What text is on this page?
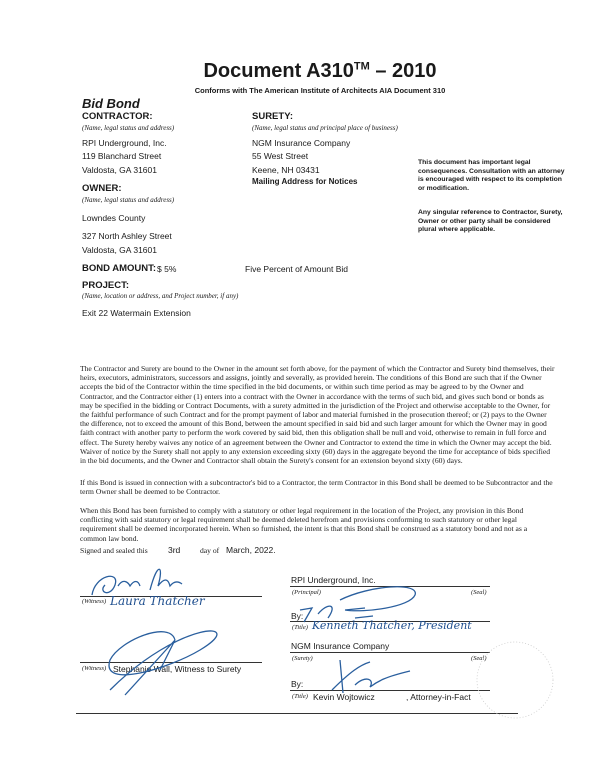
Document A310™ – 2010
Conforms with The American Institute of Architects AIA Document 310
Bid Bond
CONTRACTOR:
(Name, legal status and address)
RPI Underground, Inc.
119 Blanchard Street
Valdosta, GA 31601
SURETY:
(Name, legal status and principal place of business)
NGM Insurance Company
55 West Street
Keene, NH 03431
Mailing Address for Notices
This document has important legal consequences. Consultation with an attorney is encouraged with respect to its completion or modification.
Any singular reference to Contractor, Surety, Owner or other party shall be considered plural where applicable.
OWNER:
(Name, legal status and address)
Lowndes County
327 North Ashley Street
Valdosta, GA 31601
BOND AMOUNT: $ 5%	Five Percent of Amount Bid
PROJECT:
(Name, location or address, and Project number, if any)
Exit 22 Watermain Extension
The Contractor and Surety are bound to the Owner in the amount set forth above, for the payment of which the Contractor and Surety bind themselves, their heirs, executors, administrators, successors and assigns, jointly and severally, as provided herein. The conditions of this Bond are such that if the Owner accepts the bid of the Contractor within the time specified in the bid documents, or within such time period as may be agreed to by the Owner and Contractor, and the Contractor either (1) enters into a contract with the Owner in accordance with the terms of such bid, and gives such bond or bonds as may be specified in the bidding or Contract Documents, with a surety admitted in the jurisdiction of the Project and otherwise acceptable to the Owner, for the faithful performance of such Contract and for the prompt payment of labor and material furnished in the prosecution thereof; or (2) pays to the Owner the difference, not to exceed the amount of this Bond, between the amount specified in said bid and such larger amount for which the Owner may in good faith contract with another party to perform the work covered by said bid, then this obligation shall be null and void, otherwise to remain in full force and effect. The Surety hereby waives any notice of an agreement between the Owner and Contractor to extend the time in which the Owner may accept the bid. Waiver of notice by the Surety shall not apply to any extension exceeding sixty (60) days in the aggregate beyond the time for acceptance of bids specified in the bid documents, and the Owner and Contractor shall obtain the Surety's consent for an extension beyond sixty (60) days.
If this Bond is issued in connection with a subcontractor's bid to a Contractor, the term Contractor in this Bond shall be deemed to be Subcontractor and the term Owner shall be deemed to be Contractor.
When this Bond has been furnished to comply with a statutory or other legal requirement in the location of the Project, any provision in this Bond conflicting with said statutory or legal requirement shall be deemed deleted herefrom and provisions conforming to such statutory or other legal requirement shall be deemed incorporated herein. When so furnished, the intent is that this Bond shall be construed as a statutory bond and not as a common law bond.
Signed and sealed this 3rd	day of March, 2022.
(Witness) Laura Thatcher
(Witness) Stephanie Wall, Witness to Surety
RPI Underground, Inc.
(Principal)	(Seal)
By:
(Title) Kenneth Thatcher, President
NGM Insurance Company
(Surety)	(Seal)
By:
(Title) Kevin Wojtowicz	, Attorney-in-Fact
